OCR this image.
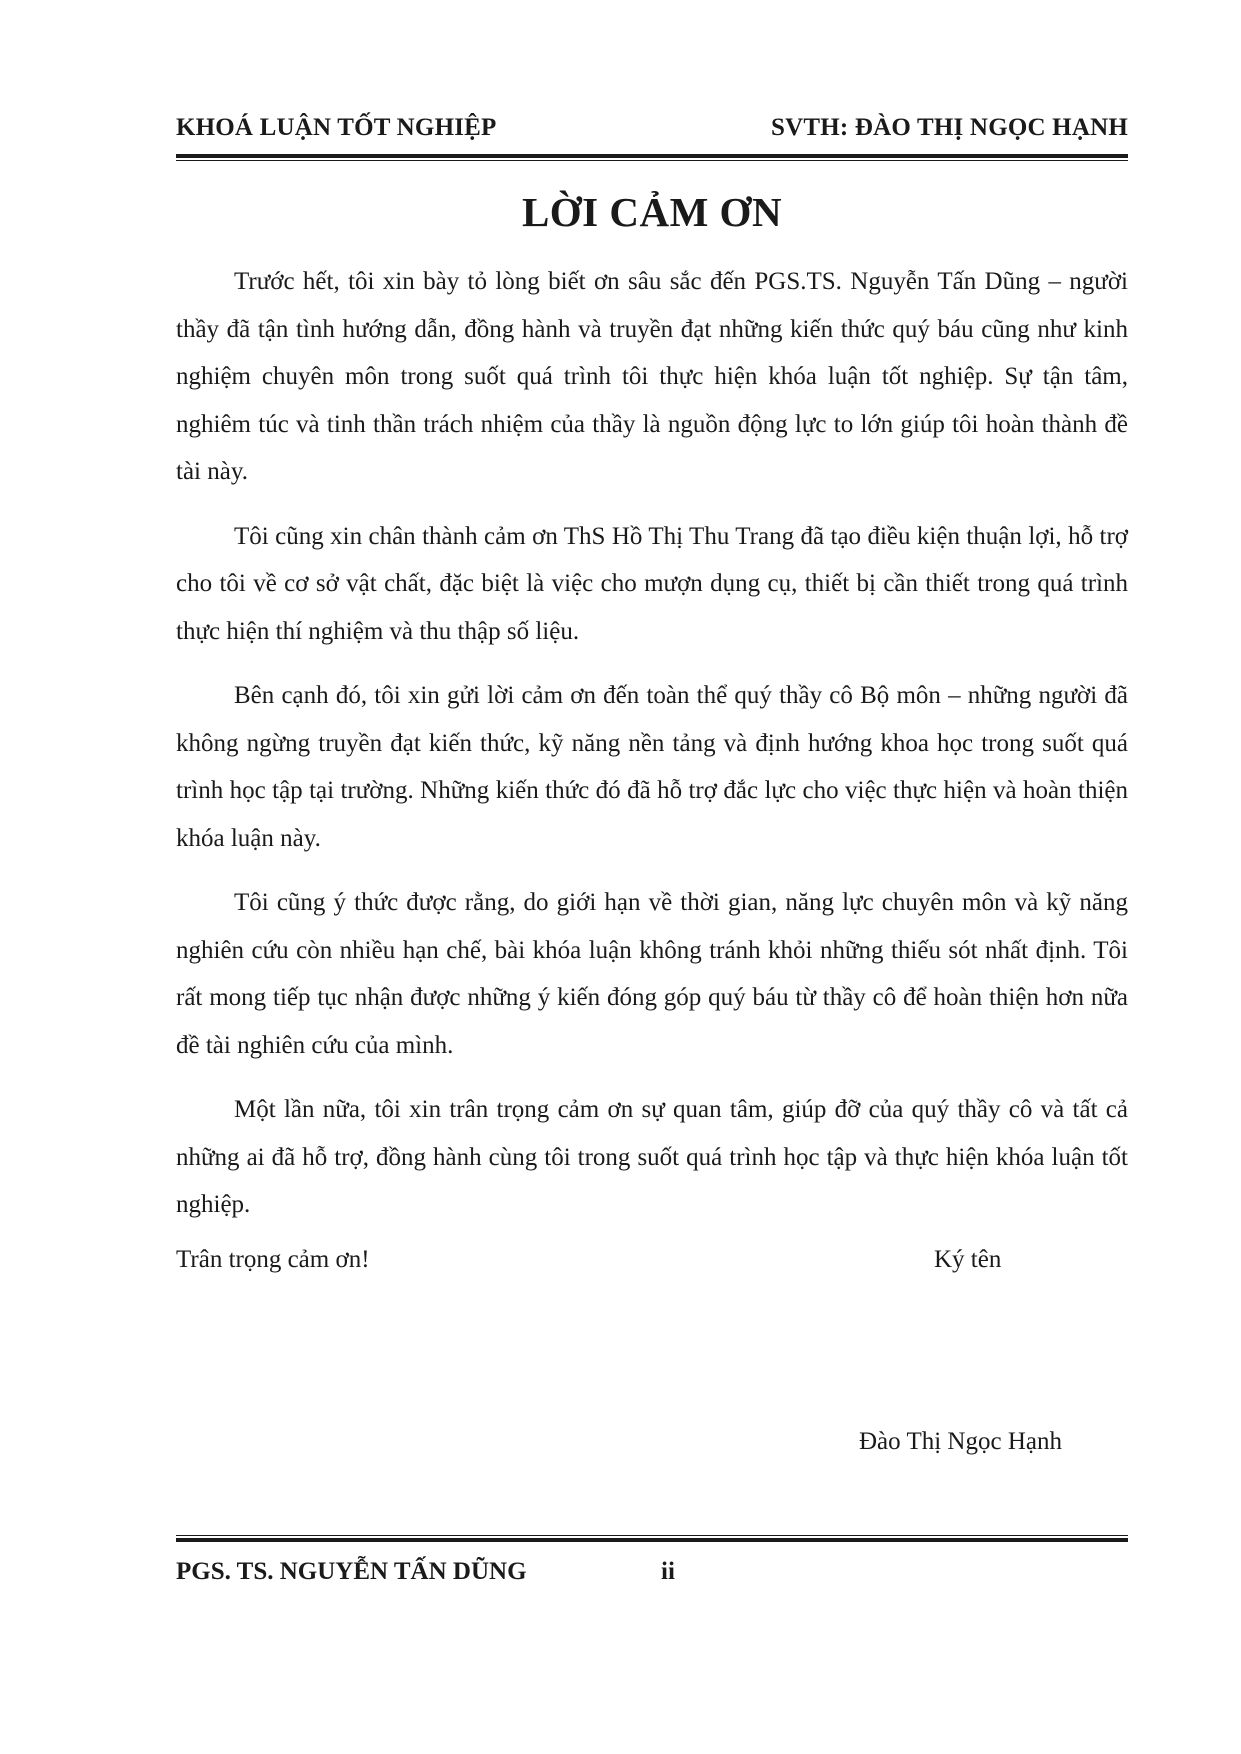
KHOÁ LUẬN TỐT NGHIỆP	SVTH: ĐÀO THỊ NGỌC HẠNH
LỜI CẢM ƠN

Trước hết, tôi xin bày tỏ lòng biết ơn sâu sắc đến PGS.TS. Nguyễn Tấn Dũng – người thầy đã tận tình hướng dẫn, đồng hành và truyền đạt những kiến thức quý báu cũng như kinh nghiệm chuyên môn trong suốt quá trình tôi thực hiện khóa luận tốt nghiệp. Sự tận tâm, nghiêm túc và tinh thần trách nhiệm của thầy là nguồn động lực to lớn giúp tôi hoàn thành đề tài này.

Tôi cũng xin chân thành cảm ơn ThS Hồ Thị Thu Trang đã tạo điều kiện thuận lợi, hỗ trợ cho tôi về cơ sở vật chất, đặc biệt là việc cho mượn dụng cụ, thiết bị cần thiết trong quá trình thực hiện thí nghiệm và thu thập số liệu.

Bên cạnh đó, tôi xin gửi lời cảm ơn đến toàn thể quý thầy cô Bộ môn – những người đã không ngừng truyền đạt kiến thức, kỹ năng nền tảng và định hướng khoa học trong suốt quá trình học tập tại trường. Những kiến thức đó đã hỗ trợ đắc lực cho việc thực hiện và hoàn thiện khóa luận này.

Tôi cũng ý thức được rằng, do giới hạn về thời gian, năng lực chuyên môn và kỹ năng nghiên cứu còn nhiều hạn chế, bài khóa luận không tránh khỏi những thiếu sót nhất định. Tôi rất mong tiếp tục nhận được những ý kiến đóng góp quý báu từ thầy cô để hoàn thiện hơn nữa đề tài nghiên cứu của mình.

Một lần nữa, tôi xin trân trọng cảm ơn sự quan tâm, giúp đỡ của quý thầy cô và tất cả những ai đã hỗ trợ, đồng hành cùng tôi trong suốt quá trình học tập và thực hiện khóa luận tốt nghiệp.

Trân trọng cảm ơn!	Ký tên
Đào Thị Ngọc Hạnh
PGS. TS. NGUYỄN TẤN DŨNG	ii
